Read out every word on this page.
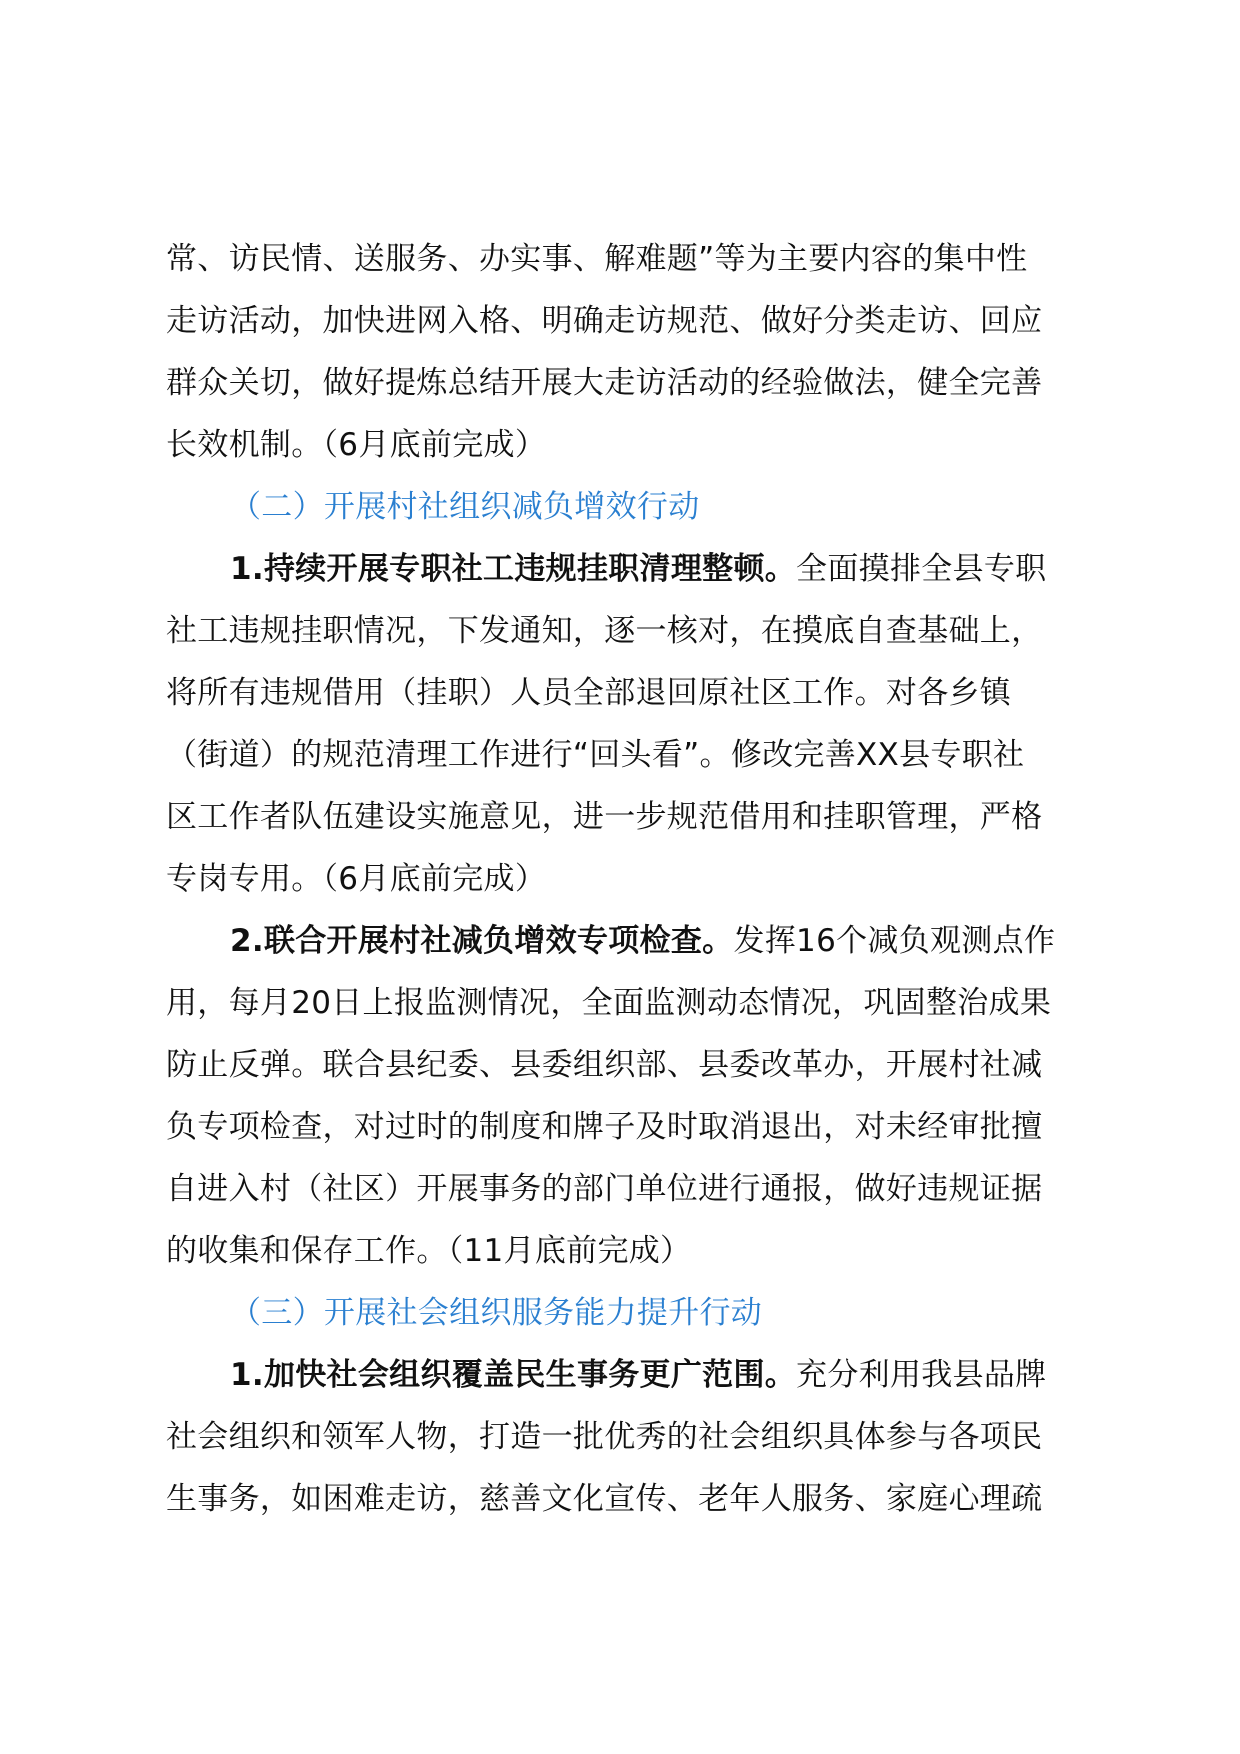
常、访民情、送服务、办实事、解难题”等为主要内容的集中性
走访活动，加快进网入格、明确走访规范、做好分类走访、回应
群众关切，做好提炼总结开展大走访活动的经验做法，健全完善
长效机制。（6月底前完成）
（二）开展村社组织减负增效行动
1.持续开展专职社工违规挂职清理整顿。全面摸排全县专职
社工违规挂职情况，下发通知，逐一核对，在摸底自查基础上，
将所有违规借用（挂职）人员全部退回原社区工作。对各乡镇
（街道）的规范清理工作进行“回头看”。修改完善XX县专职社
区工作者队伍建设实施意见，进一步规范借用和挂职管理，严格
专岗专用。（6月底前完成）
2.联合开展村社减负增效专项检查。发挥16个减负观测点作
用，每月20日上报监测情况，全面监测动态情况，巩固整治成果
防止反弹。联合县纪委、县委组织部、县委改革办，开展村社减
负专项检查，对过时的制度和牌子及时取消退出，对未经审批擅
自进入村（社区）开展事务的部门单位进行通报，做好违规证据
的收集和保存工作。（11月底前完成）
（三）开展社会组织服务能力提升行动
1.加快社会组织覆盖民生事务更广范围。充分利用我县品牌
社会组织和领军人物，打造一批优秀的社会组织具体参与各项民
生事务，如困难走访，慈善文化宣传、老年人服务、家庭心理疏
